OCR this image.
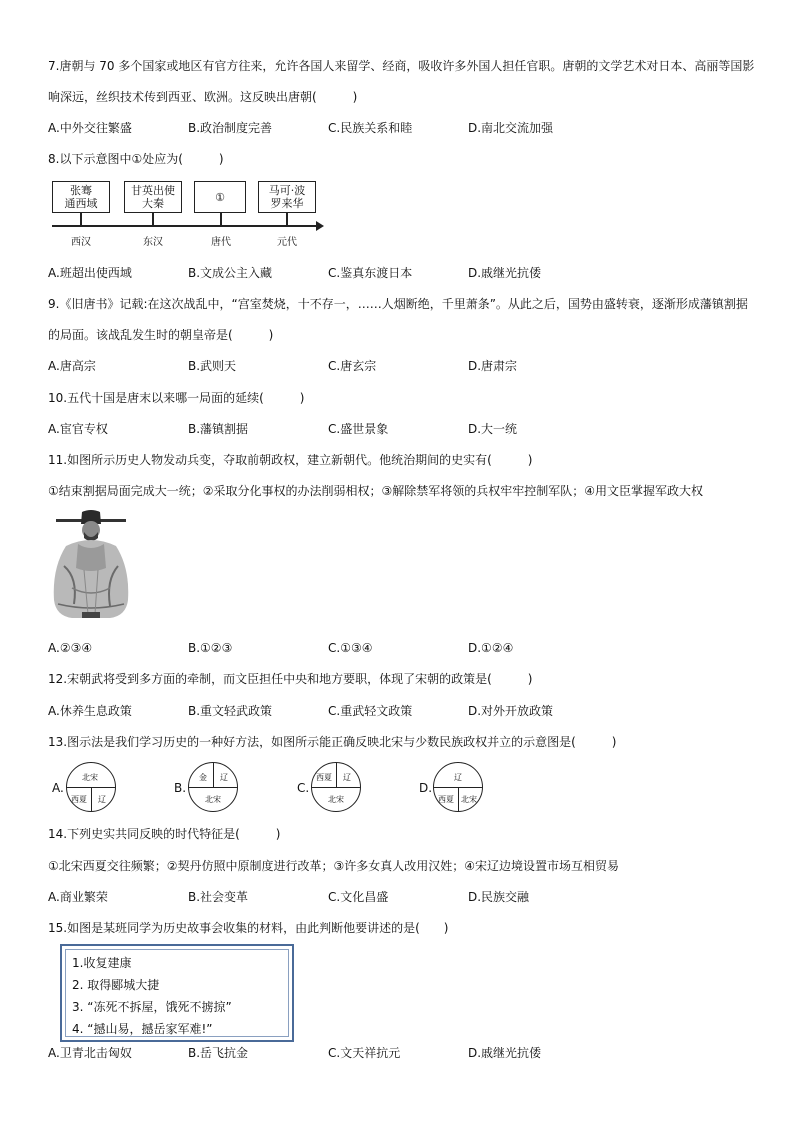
7.唐朝与 70 多个国家或地区有官方往来，允许各国人来留学、经商，吸收许多外国人担任官职。唐朝的文学艺术对日本、高丽等国影
响深远，丝织技术传到西亚、欧洲。这反映出唐朝(　　　)
A.中外交往繁盛	B.政治制度完善	C.民族关系和睦	D.南北交流加强
8.以下示意图中①处应为(　　　)
张骞
通西域
甘英出使
大秦	①	马可·波
罗来华
西汉	东汉	唐代	元代
A.班超出使西域	B.文成公主入藏	C.鉴真东渡日本	D.戚继光抗倭
9.《旧唐书》记载:在这次战乱中，“宫室焚烧，十不存一，……人烟断绝，千里萧条”。从此之后，国势由盛转衰，逐渐形成藩镇割据
的局面。该战乱发生时的朝皇帝是(　　　)
A.唐高宗	B.武则天	C.唐玄宗	D.唐肃宗
10.五代十国是唐末以来哪一局面的延续(　　　)
A.宦官专权	B.藩镇割据	C.盛世景象	D.大一统
11.如图所示历史人物发动兵变，夺取前朝政权，建立新朝代。他统治期间的史实有(　　　)
①结束割据局面完成大一统；②采取分化事权的办法削弱相权；③解除禁军将领的兵权牢牢控制军队；④用文臣掌握军政大权
A.②③④	B.①②③	C.①③④	D.①②④
12.宋朝武将受到多方面的牵制，而文臣担任中央和地方要职，体现了宋朝的政策是(　　　)
A.休养生息政策	B.重文轻武政策	C.重武轻文政策	D.对外开放政策
13.图示法是我们学习历史的一种好方法，如图所示能正确反映北宋与少数民族政权并立的示意图是(　　　)
A.
北宋
西夏 辽
B.
金 辽
北宋
C.
西夏 辽
北宋
D.
辽
西夏 北宋
14.下列史实共同反映的时代特征是(　　　)
①北宋西夏交往频繁；②契丹仿照中原制度进行改革；③许多女真人改用汉姓；④宋辽边境设置市场互相贸易
A.商业繁荣	B.社会变革	C.文化昌盛	D.民族交融
15.如图是某班同学为历史故事会收集的材料，由此判断他要讲述的是(　　)
1.收复建康
2. 取得郾城大捷
3. “冻死不拆屋，饿死不掳掠”
4. “撼山易，撼岳家军难!”
A.卫青北击匈奴	B.岳飞抗金	C.文天祥抗元	D.戚继光抗倭
